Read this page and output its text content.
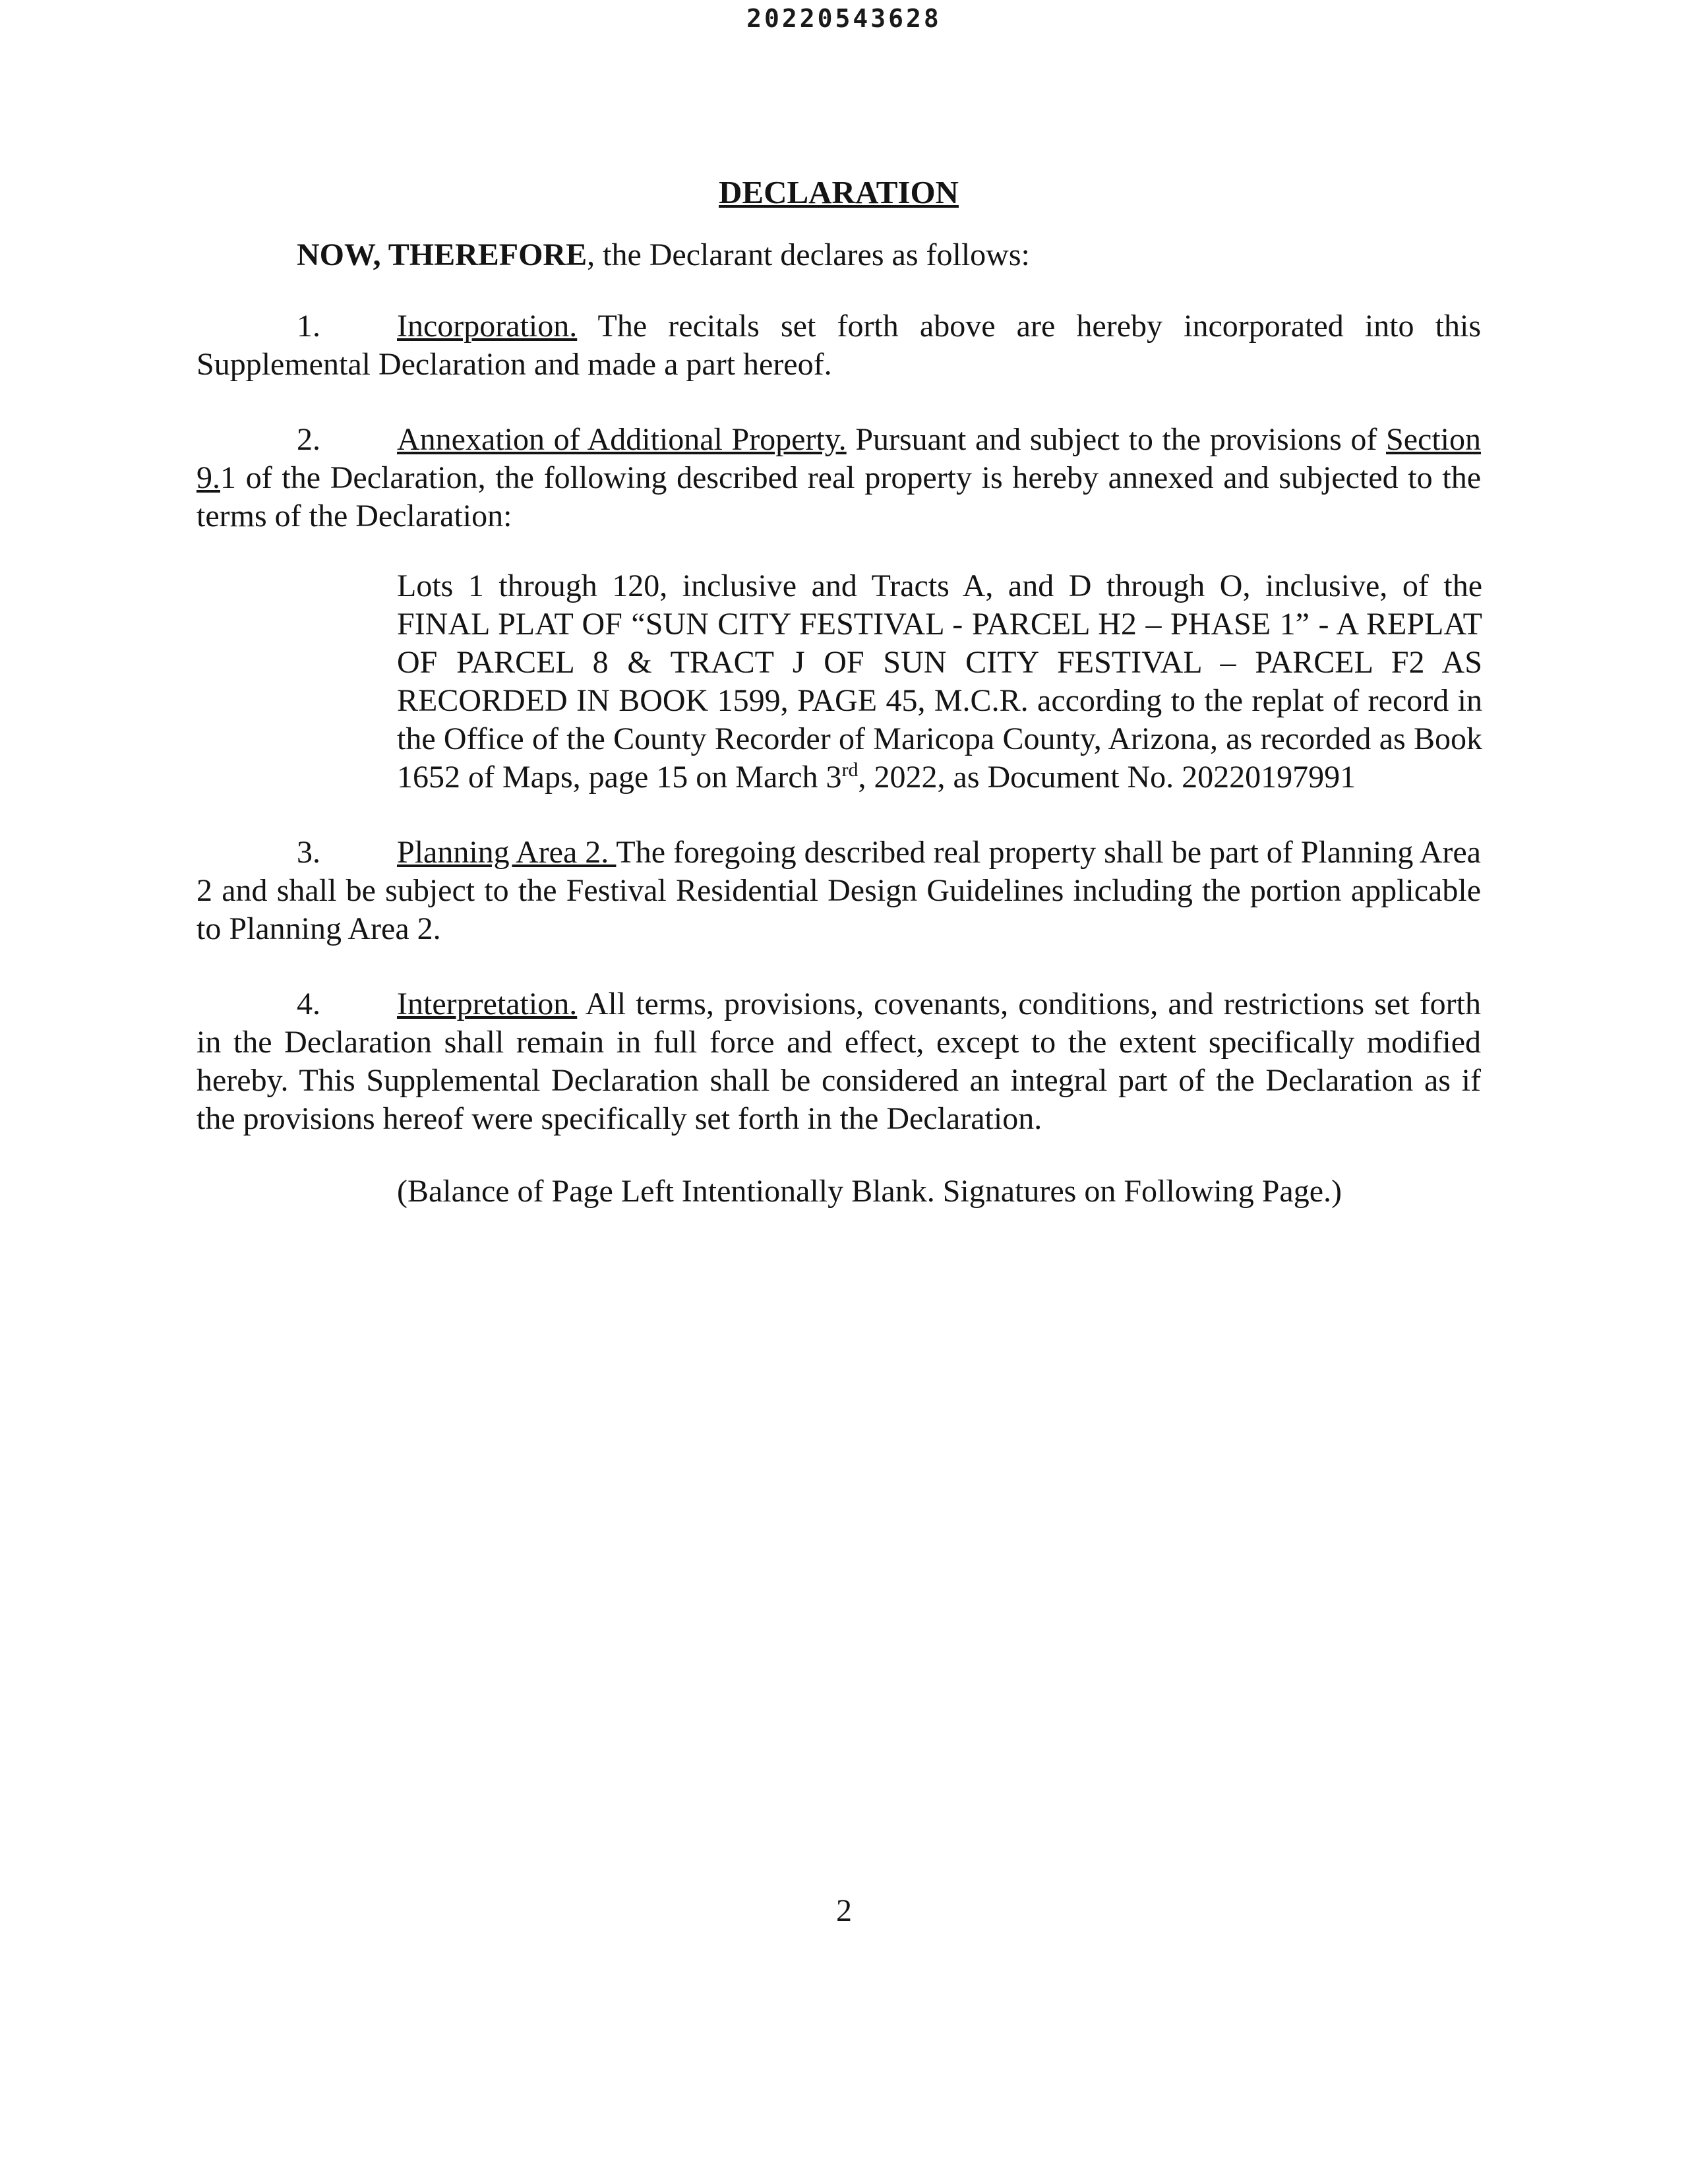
20220543628
DECLARATION

NOW, THEREFORE, the Declarant declares as follows:

1. Incorporation. The recitals set forth above are hereby incorporated into this Supplemental Declaration and made a part hereof.

2. Annexation of Additional Property. Pursuant and subject to the provisions of Section 9.1 of the Declaration, the following described real property is hereby annexed and subjected to the terms of the Declaration:

Lots 1 through 120, inclusive and Tracts A, and D through O, inclusive, of the FINAL PLAT OF “SUN CITY FESTIVAL - PARCEL H2 – PHASE 1” - A REPLAT OF PARCEL 8 & TRACT J OF SUN CITY FESTIVAL – PARCEL F2 AS RECORDED IN BOOK 1599, PAGE 45, M.C.R. according to the replat of record in the Office of the County Recorder of Maricopa County, Arizona, as recorded as Book 1652 of Maps, page 15 on March 3rd, 2022, as Document No. 20220197991

3. Planning Area 2. The foregoing described real property shall be part of Planning Area 2 and shall be subject to the Festival Residential Design Guidelines including the portion applicable to Planning Area 2.

4. Interpretation. All terms, provisions, covenants, conditions, and restrictions set forth in the Declaration shall remain in full force and effect, except to the extent specifically modified hereby. This Supplemental Declaration shall be considered an integral part of the Declaration as if the provisions hereof were specifically set forth in the Declaration.

(Balance of Page Left Intentionally Blank. Signatures on Following Page.)

2
